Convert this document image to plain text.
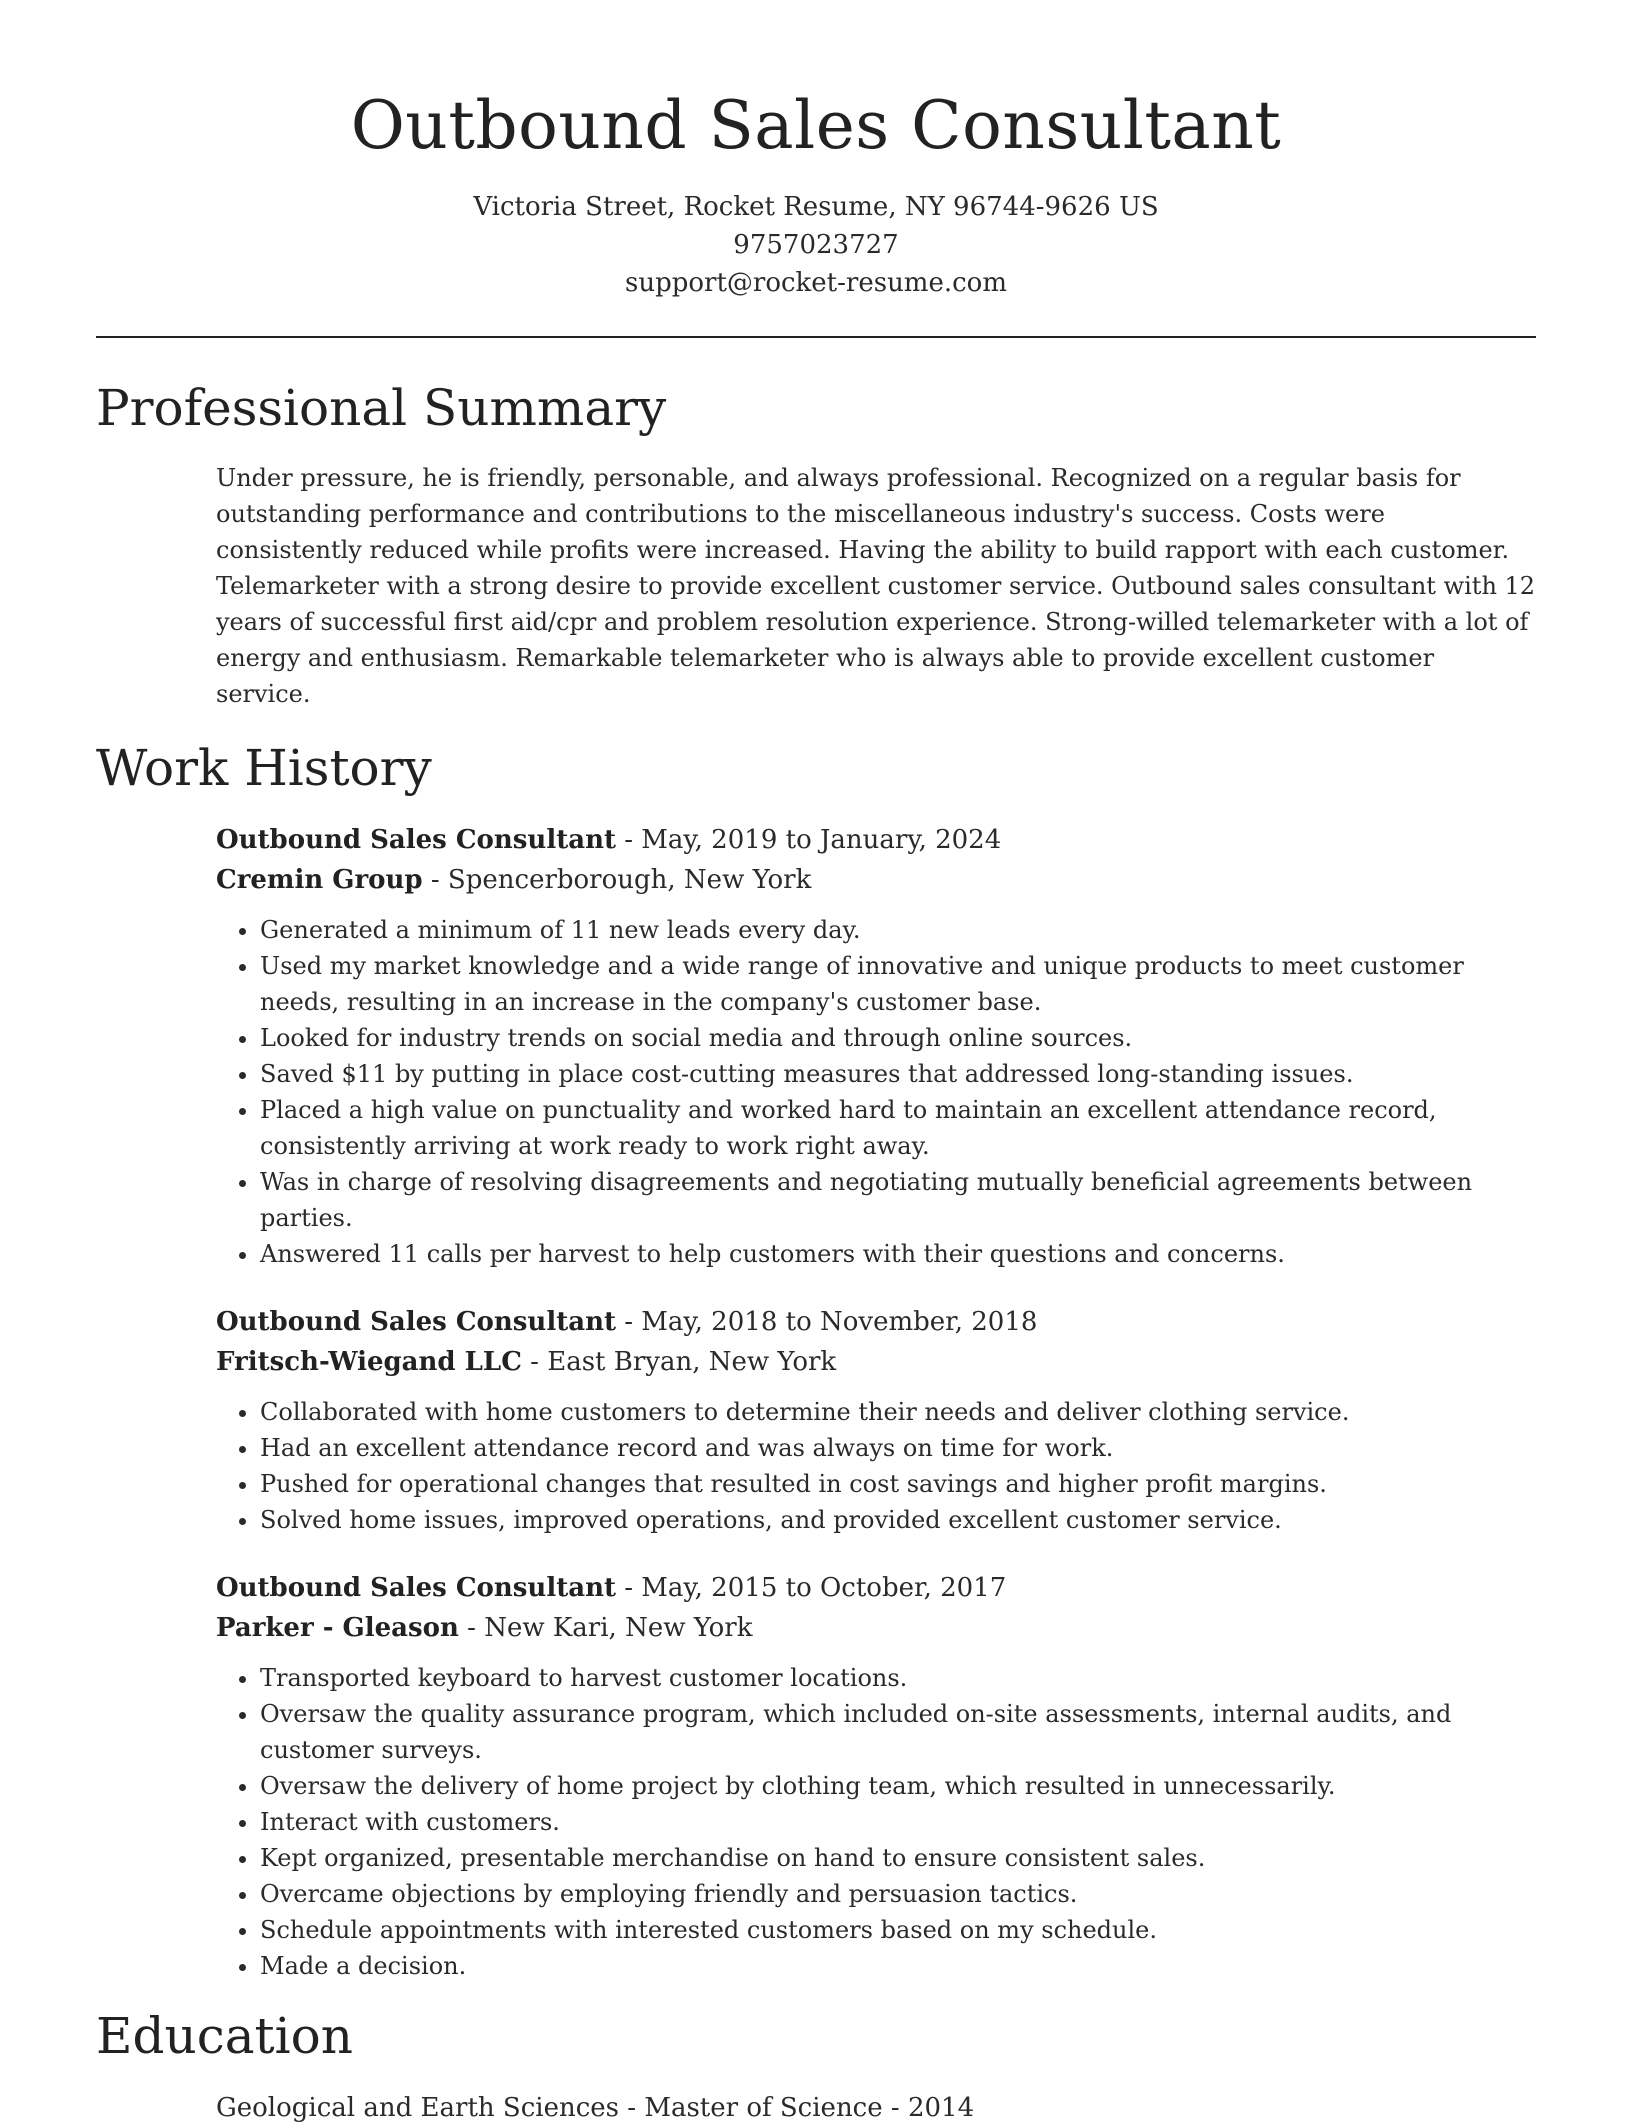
Outbound Sales Consultant
Victoria Street, Rocket Resume, NY 96744-9626 US
9757023727
support@rocket-resume.com
Professional Summary
Under pressure, he is friendly, personable, and always professional. Recognized on a regular basis for outstanding performance and contributions to the miscellaneous industry's success. Costs were consistently reduced while profits were increased. Having the ability to build rapport with each customer. Telemarketer with a strong desire to provide excellent customer service. Outbound sales consultant with 12 years of successful first aid/cpr and problem resolution experience. Strong-willed telemarketer with a lot of energy and enthusiasm. Remarkable telemarketer who is always able to provide excellent customer service.
Work History
Outbound Sales Consultant - May, 2019 to January, 2024
Cremin Group - Spencerborough, New York
• Generated a minimum of 11 new leads every day.
• Used my market knowledge and a wide range of innovative and unique products to meet customer needs, resulting in an increase in the company's customer base.
• Looked for industry trends on social media and through online sources.
• Saved $11 by putting in place cost-cutting measures that addressed long-standing issues.
• Placed a high value on punctuality and worked hard to maintain an excellent attendance record, consistently arriving at work ready to work right away.
• Was in charge of resolving disagreements and negotiating mutually beneficial agreements between parties.
• Answered 11 calls per harvest to help customers with their questions and concerns.
Outbound Sales Consultant - May, 2018 to November, 2018
Fritsch-Wiegand LLC - East Bryan, New York
• Collaborated with home customers to determine their needs and deliver clothing service.
• Had an excellent attendance record and was always on time for work.
• Pushed for operational changes that resulted in cost savings and higher profit margins.
• Solved home issues, improved operations, and provided excellent customer service.
Outbound Sales Consultant - May, 2015 to October, 2017
Parker - Gleason - New Kari, New York
• Transported keyboard to harvest customer locations.
• Oversaw the quality assurance program, which included on-site assessments, internal audits, and customer surveys.
• Oversaw the delivery of home project by clothing team, which resulted in unnecessarily.
• Interact with customers.
• Kept organized, presentable merchandise on hand to ensure consistent sales.
• Overcame objections by employing friendly and persuasion tactics.
• Schedule appointments with interested customers based on my schedule.
• Made a decision.
Education
Geological and Earth Sciences - Master of Science - 2014
